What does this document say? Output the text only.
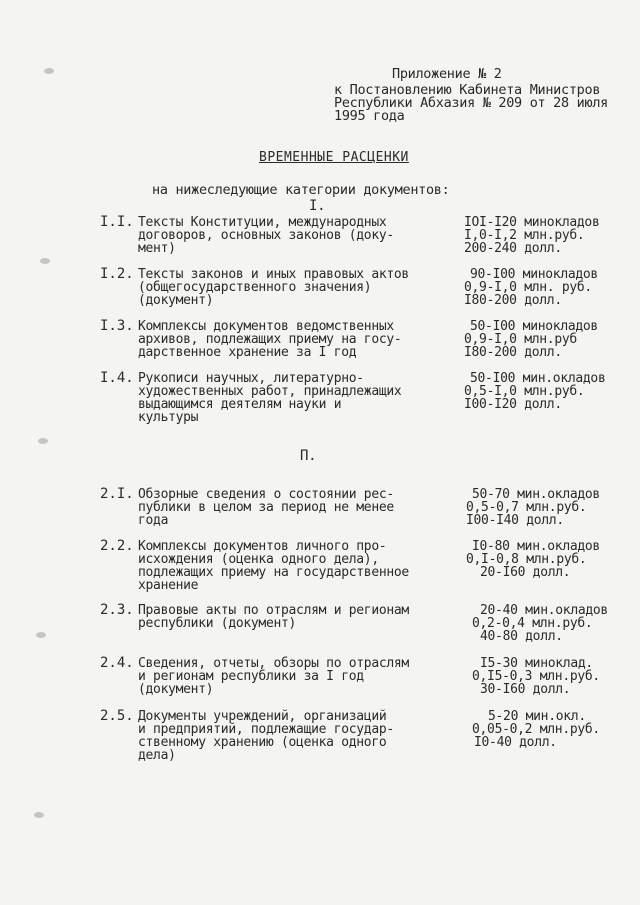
Приложение № 2
к Постановлению Кабинета Министров
Республики Абхазия № 209 от 28 июля
1995 года
ВРЕМЕННЫЕ РАСЦЕНКИ
на нижеследующие категории документов:
I.
I.I. Тексты Конституции, международных
договоров, основных законов (доку-
мент)
IOI-I20 миноклaдов
I,0-I,2 млн.руб.
200-240 долл.
I.2. Тексты законов и иных правовых актов
(общегосударственного значения)
(документ)
90-I00 миноклaдов
0,9-I,0 млн. руб.
I80-200 долл.
I.3. Комплексы документов ведомственных
архивов, подлежащих приему на госу-
дарственное хранение за I год
50-I00 миноклaдов
0,9-I,0 млн.руб
I80-200 долл.
I.4. Рукописи научных, литературно-
художественных работ, принадлежащих
выдающимся деятелям науки и
культуры
50-I00 мин.окладов
0,5-I,0 млн.руб.
I00-I20 долл.
П.
2.I. Обзорные сведения о состоянии рес-
публики в целом за период не менее
года
50-70 мин.окладов
0,5-0,7 млн.руб.
I00-I40 долл.
2.2. Комплексы документов личного про-
исхождения (оценка одного дела),
подлежащих приему на государственное
хранение
I0-80 мин.окладов
0,I-0,8 млн.руб.
20-I60 долл.
2.3. Правовые акты по отраслям и регионам
республики (документ)
20-40 мин.окладов
0,2-0,4 млн.руб.
40-80 долл.
2.4. Сведения, отчеты, обзоры по отраслям
и регионам республики за I год
(документ)
I5-30 миноклад.
0,I5-0,3 млн.руб.
30-I60 долл.
2.5. Документы учреждений, организаций
и предприятий, подлежащие государ-
ственному хранению (оценка одного
дела)
5-20 мин.окл.
0,05-0,2 млн.руб.
I0-40 долл.
